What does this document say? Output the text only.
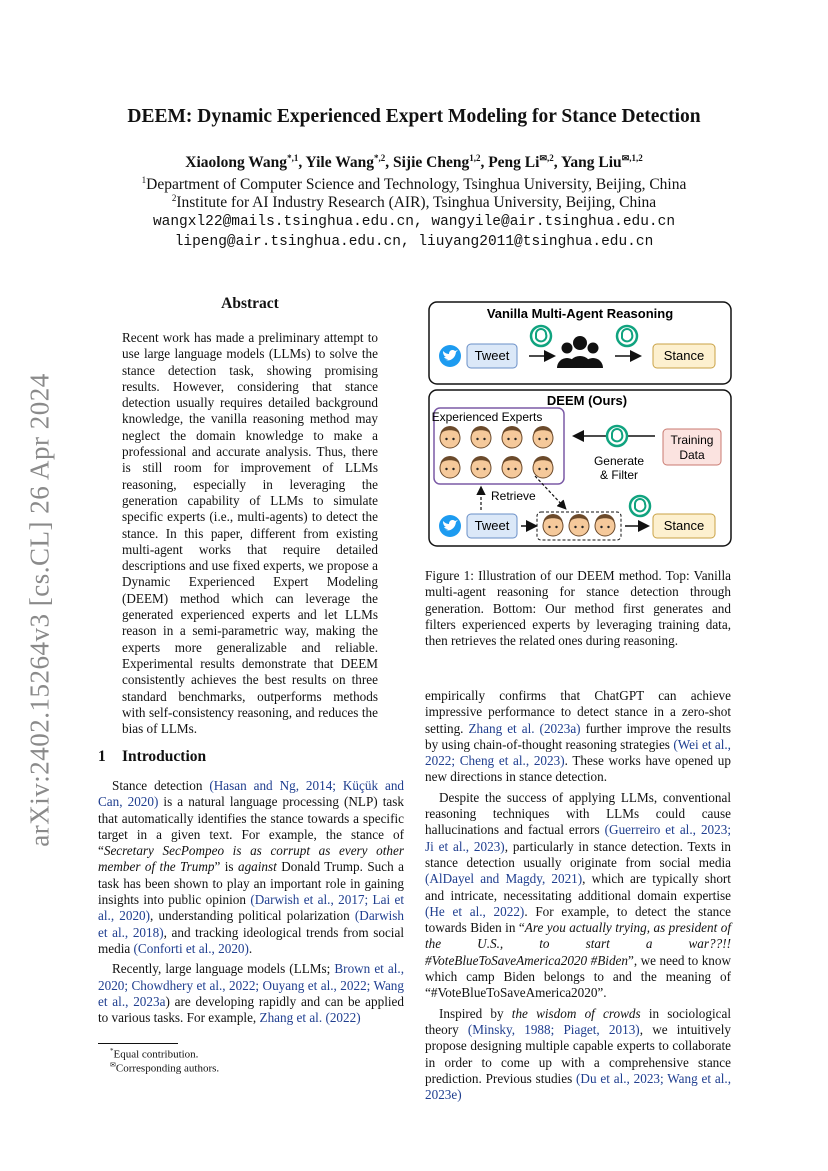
arXiv:2402.15264v3 [cs.CL] 26 Apr 2024
DEEM: Dynamic Experienced Expert Modeling for Stance Detection
Xiaolong Wang$^{*,1}$, Yile Wang$^{*,2}$, Sijie Cheng$^{1,2}$, Peng $Li^{✉,2}$, Yang Liu$^{✉,1,2}$
$^1$Department of Computer Science and Technology, Tsinghua University, Beijing, China
$^2$Institute for AI Industry Research (AIR), Tsinghua University, Beijing, China
wangxl22@mails.tsinghua.edu.cn, wangyile@air.tsinghua.edu.cn
lipeng@air.tsinghua.edu.cn, liuyang2011@tsinghua.edu.cn
Abstract
Recent work has made a preliminary attempt to use large language models (LLMs) to solve the stance detection task, showing promising results. However, considering that stance detection usually requires detailed background knowledge, the vanilla reasoning method may neglect the domain knowledge to make a professional and accurate analysis. Thus, there is still room for improvement of LLMs reasoning, especially in leveraging the generation capability of LLMs to simulate specific experts (i.e., multi-agents) to detect the stance. In this paper, different from existing multi-agent works that require detailed descriptions and use fixed experts, we propose a Dynamic Experienced Expert Modeling (DEEM) method which can leverage the generated experienced experts and let LLMs reason in a semi-parametric way, making the experts more generalizable and reliable. Experimental results demonstrate that DEEM consistently achieves the best results on three standard benchmarks, outperforms methods with self-consistency reasoning, and reduces the bias of LLMs.
1 Introduction

Stance detection (Hasan and Ng, 2014; Küçük and Can, 2020) is a natural language processing (NLP) task that automatically identifies the stance towards a specific target in a given text. For example, the stance of “Secretary SecPompeo is as corrupt as every other member of the Trump” is against Donald Trump. Such a task has been shown to play an important role in gaining insights into public opinion (Darwish et al., 2017; Lai et al., 2020), understanding political polarization (Darwish et al., 2018), and tracking ideological trends from social media (Conforti et al., 2020).

Recently, large language models (LLMs; Brown et al., 2020; Chowdhery et al., 2022; Ouyang et al., 2022; Wang et al., 2023a) are developing rapidly and can be applied to various tasks. For example, Zhang et al. (2022)

empirically confirms that ChatGPT can achieve impressive performance to detect stance in a zero-shot setting. Zhang et al. (2023a) further improve the results by using chain-of-thought reasoning strategies (Wei et al., 2022; Cheng et al., 2023). These works have opened up new directions in stance detection.

Despite the success of applying LLMs, conventional reasoning techniques with LLMs could cause hallucinations and factual errors (Guerreiro et al., 2023; Ji et al., 2023), particularly in stance detection. Texts in stance detection usually originate from social media (AlDayel and Magdy, 2021), which are typically short and intricate, necessitating additional domain expertise (He et al., 2022). For example, to detect the stance towards Biden in “Are you actually trying, as president of the U.S., to start a war??!! #VoteBlueToSaveAmerica2020 #Biden”, we need to know which camp Biden belongs to and the meaning of “#VoteBlueToSaveAmerica2020”.

Inspired by the wisdom of crowds in sociological theory (Minsky, 1988; Piaget, 2013), we intuitively propose designing multiple capable experts to collaborate in order to come up with a comprehensive stance prediction. Previous studies (Du et al., 2023; Wang et al., 2023e)

*Equal contribution.
✉Corresponding authors.
Vanilla Multi-Agent Reasoning
Tweet	Stance
DEEM (Ours)
Experienced Experts
Training
Data
Generate
& Filter
Retrieve
Tweet	Stance
Figure 1: Illustration of our DEEM method. Top: Vanilla multi-agent reasoning for stance detection through generation. Bottom: Our method first generates and filters experienced experts by leveraging training data, then retrieves the related ones during reasoning.
